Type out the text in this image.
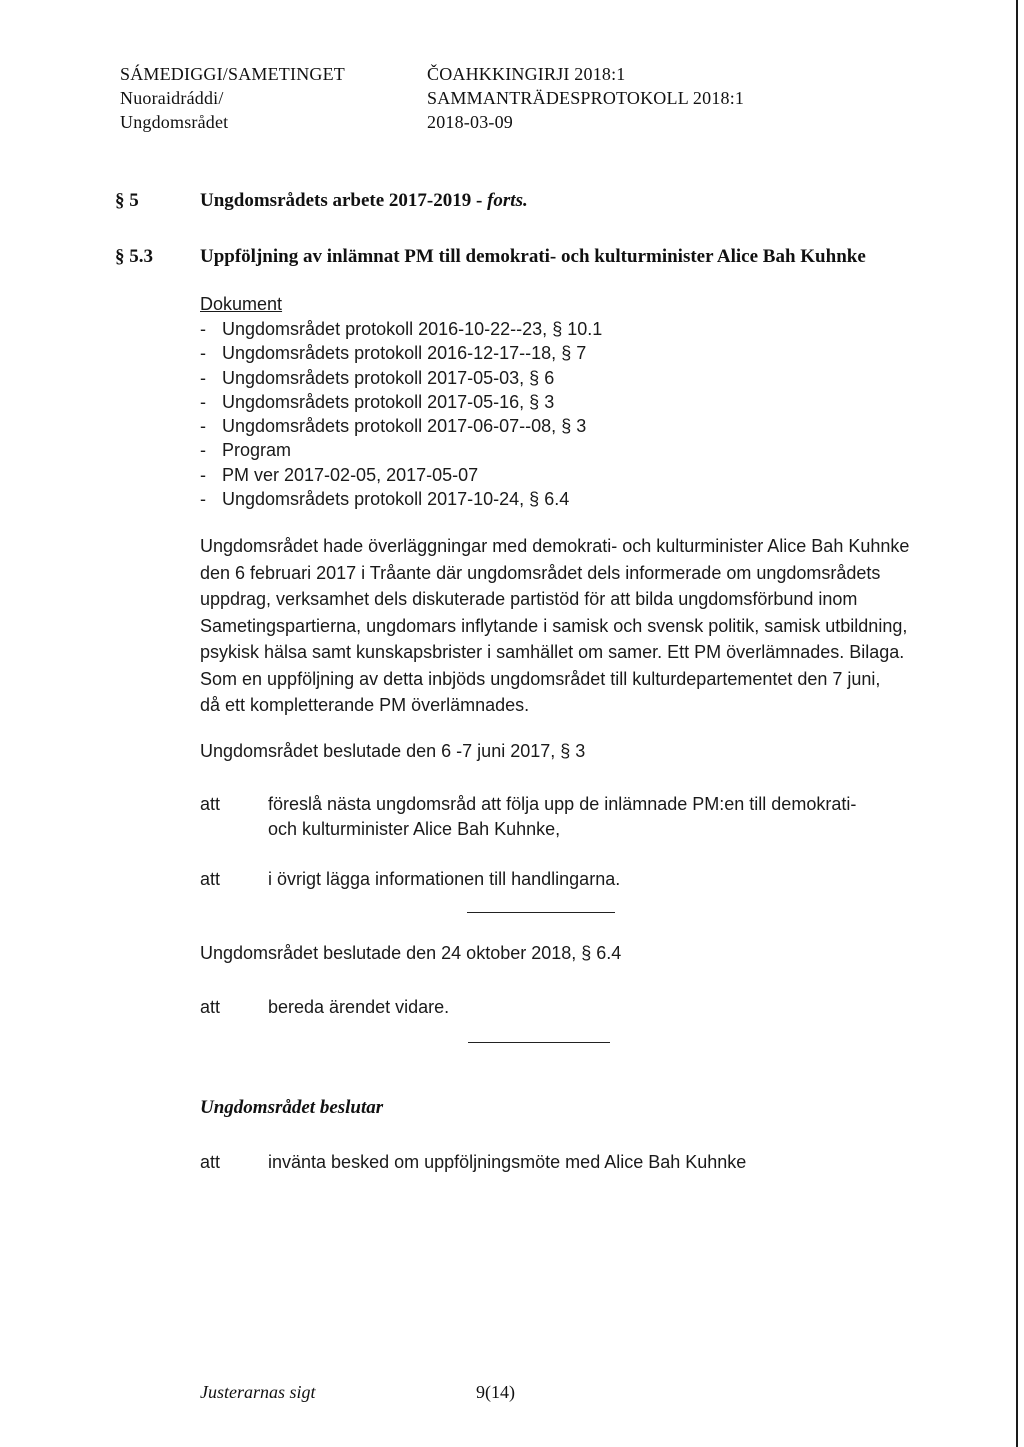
SÁMEDIGGI/SAMETINGET
Nuoraidráddi/
Ungdomsrådet
ČOAHKKINGIRJI 2018:1
SAMMANTRÄDESPROTOKOLL 2018:1
2018-03-09
§ 5	Ungdomsrådets arbete 2017-2019 - forts.
§ 5.3 Uppföljning av inlämnat PM till demokrati- och kulturminister Alice Bah Kuhnke
Dokument
- Ungdomsrådet protokoll 2016-10-22--23, § 10.1
- Ungdomsrådets protokoll 2016-12-17--18, § 7
- Ungdomsrådets protokoll 2017-05-03, § 6
- Ungdomsrådets protokoll 2017-05-16, § 3
- Ungdomsrådets protokoll 2017-06-07--08, § 3
- Program
- PM ver 2017-02-05, 2017-05-07
- Ungdomsrådets protokoll 2017-10-24, § 6.4
Ungdomsrådet hade överläggningar med demokrati- och kulturminister Alice Bah Kuhnke
den 6 februari 2017 i Tråante där ungdomsrådet dels informerade om ungdomsrådets
uppdrag, verksamhet dels diskuterade partistöd för att bilda ungdomsförbund inom
Sametingspartierna, ungdomars inflytande i samisk och svensk politik, samisk utbildning,
psykisk hälsa samt kunskapsbrister i samhället om samer. Ett PM överlämnades. Bilaga.
Som en uppföljning av detta inbjöds ungdomsrådet till kulturdepartementet den 7 juni,
då ett kompletterande PM överlämnades.
Ungdomsrådet beslutade den 6 -7 juni 2017, § 3
att	föreslå nästa ungdomsråd att följa upp de inlämnade PM:en till demokrati-
och kulturminister Alice Bah Kuhnke,
att	i övrigt lägga informationen till handlingarna.
Ungdomsrådet beslutade den 24 oktober 2018, § 6.4
att	bereda ärendet vidare.
Ungdomsrådet beslutar
att	invänta besked om uppföljningsmöte med Alice Bah Kuhnke
Justerarnas sigt	9(14)
